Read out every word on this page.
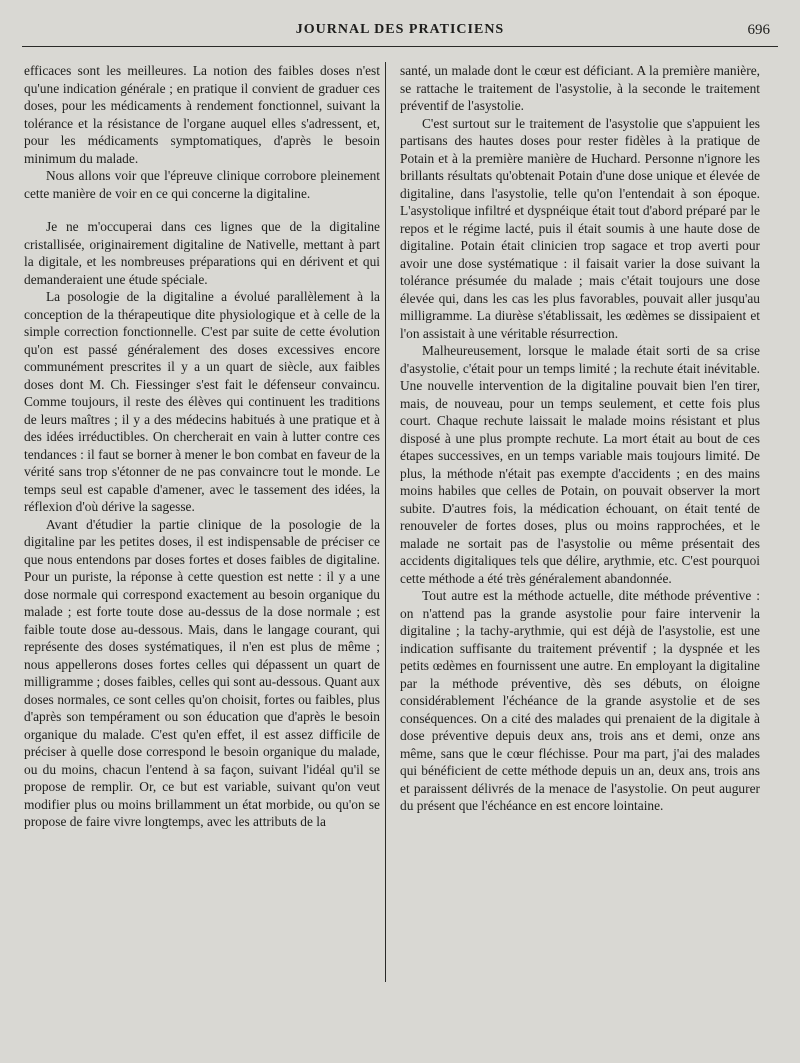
JOURNAL DES PRATICIENS	696

efficaces sont les meilleures. La notion des faibles doses n'est qu'une indication générale ; en pratique il convient de graduer ces doses, pour les médicaments à rendement fonctionnel, suivant la tolérance et la résistance de l'organe auquel elles s'adressent, et, pour les médicaments symptomatiques, d'après le besoin minimum du malade.

Nous allons voir que l'épreuve clinique corrobore pleinement cette manière de voir en ce qui concerne la digitaline.

Je ne m'occuperai dans ces lignes que de la digitaline cristallisée, originairement digitaline de Nativelle, mettant à part la digitale, et les nombreuses préparations qui en dérivent et qui demanderaient une étude spéciale.

La posologie de la digitaline a évolué parallèlement à la conception de la thérapeutique dite physiologique et à celle de la simple correction fonctionnelle. C'est par suite de cette évolution qu'on est passé généralement des doses excessives encore communément prescrites il y a un quart de siècle, aux faibles doses dont M. Ch. Fiessinger s'est fait le défenseur convaincu. Comme toujours, il reste des élèves qui continuent les traditions de leurs maîtres ; il y a des médecins habitués à une pratique et à des idées irréductibles. On chercherait en vain à lutter contre ces tendances : il faut se borner à mener le bon combat en faveur de la vérité sans trop s'étonner de ne pas convaincre tout le monde. Le temps seul est capable d'amener, avec le tassement des idées, la réflexion d'où dérive la sagesse.

Avant d'étudier la partie clinique de la posologie de la digitaline par les petites doses, il est indispensable de préciser ce que nous entendons par doses fortes et doses faibles de digitaline. Pour un puriste, la réponse à cette question est nette : il y a une dose normale qui correspond exactement au besoin organique du malade ; est forte toute dose au-dessus de la dose normale ; est faible toute dose au-dessous. Mais, dans le langage courant, qui représente des doses systématiques, il n'en est plus de même ; nous appellerons doses fortes celles qui dépassent un quart de milligramme ; doses faibles, celles qui sont au-dessous. Quant aux doses normales, ce sont celles qu'on choisit, fortes ou faibles, plus d'après son tempérament ou son éducation que d'après le besoin organique du malade. C'est qu'en effet, il est assez difficile de préciser à quelle dose correspond le besoin organique du malade, ou du moins, chacun l'entend à sa façon, suivant l'idéal qu'il se propose de remplir. Or, ce but est variable, suivant qu'on veut modifier plus ou moins brillamment un état morbide, ou qu'on se propose de faire vivre longtemps, avec les attributs de la

santé, un malade dont le cœur est déficiant. A la première manière, se rattache le traitement de l'asystolie, à la seconde le traitement préventif de l'asystolie.

C'est surtout sur le traitement de l'asystolie que s'appuient les partisans des hautes doses pour rester fidèles à la pratique de Potain et à la première manière de Huchard. Personne n'ignore les brillants résultats qu'obtenait Potain d'une dose unique et élevée de digitaline, dans l'asystolie, telle qu'on l'entendait à son époque. L'asystolique infiltré et dyspnéique était tout d'abord préparé par le repos et le régime lacté, puis il était soumis à une haute dose de digitaline. Potain était clinicien trop sagace et trop averti pour avoir une dose systématique : il faisait varier la dose suivant la tolérance présumée du malade ; mais c'était toujours une dose élevée qui, dans les cas les plus favorables, pouvait aller jusqu'au milligramme. La diurèse s'établissait, les œdèmes se dissipaient et l'on assistait à une véritable résurrection.

Malheureusement, lorsque le malade était sorti de sa crise d'asystolie, c'était pour un temps limité ; la rechute était inévitable. Une nouvelle intervention de la digitaline pouvait bien l'en tirer, mais, de nouveau, pour un temps seulement, et cette fois plus court. Chaque rechute laissait le malade moins résistant et plus disposé à une plus prompte rechute. La mort était au bout de ces étapes successives, en un temps variable mais toujours limité. De plus, la méthode n'était pas exempte d'accidents ; en des mains moins habiles que celles de Potain, on pouvait observer la mort subite. D'autres fois, la médication échouant, on était tenté de renouveler de fortes doses, plus ou moins rapprochées, et le malade ne sortait pas de l'asystolie ou même présentait des accidents digitaliques tels que délire, arythmie, etc. C'est pourquoi cette méthode a été très généralement abandonnée.

Tout autre est la méthode actuelle, dite méthode préventive : on n'attend pas la grande asystolie pour faire intervenir la digitaline ; la tachy-arythmie, qui est déjà de l'asystolie, est une indication suffisante du traitement préventif ; la dyspnée et les petits œdèmes en fournissent une autre. En employant la digitaline par la méthode préventive, dès ses débuts, on éloigne considérablement l'échéance de la grande asystolie et de ses conséquences. On a cité des malades qui prenaient de la digitale à dose préventive depuis deux ans, trois ans et demi, onze ans même, sans que le cœur fléchisse. Pour ma part, j'ai des malades qui bénéficient de cette méthode depuis un an, deux ans, trois ans et paraissent délivrés de la menace de l'asystolie. On peut augurer du présent que l'échéance en est encore lointaine.
